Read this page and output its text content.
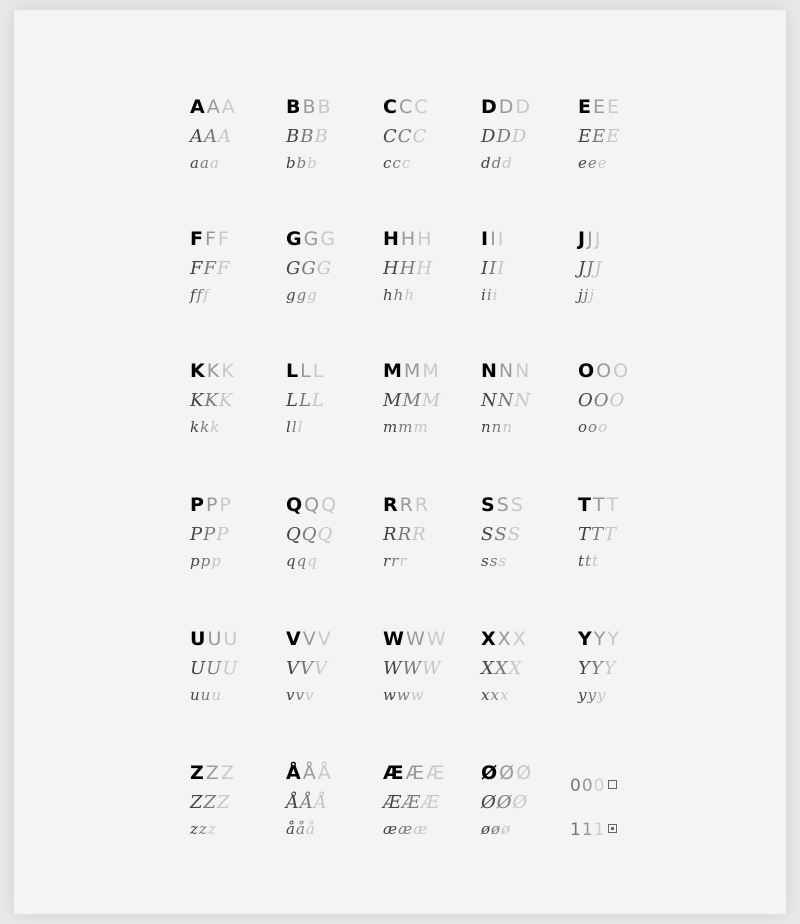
A A A
AAA
aaa
B B B
BBB
bbb
C C C
CCC
ccc
D D D
DDD
ddd
E E E
EEE
eee
F F F
FFF
fff
G G G
GGG
ggg
H H H
HHH
hhh
I I I
III
iii
J J J
JJJ
jjj
K K K
KKK
kkk
L L L
LLL
lll
M M M
MMM
mmm
N N N
NNN
nnn
O O O
OOO
ooo
P P P
PPP
ppp
Q Q Q
QQQ
qqq
R R R
RRR
rrr
S S S
SSS
sss
T T T
TTT
ttt
U U U
UUU
uuu
V V V
VVV
vvv
W W W
WWW
www
X X X
XXX
xxx
Y Y Y
YYY
yyy
Z Z Z
ZZZ
zzz
Å Å Å
ÅÅÅ
ååå
Æ Æ Æ
ÆÆÆ
æææ
Ø Ø Ø
ØØØ
øøø
000
111
